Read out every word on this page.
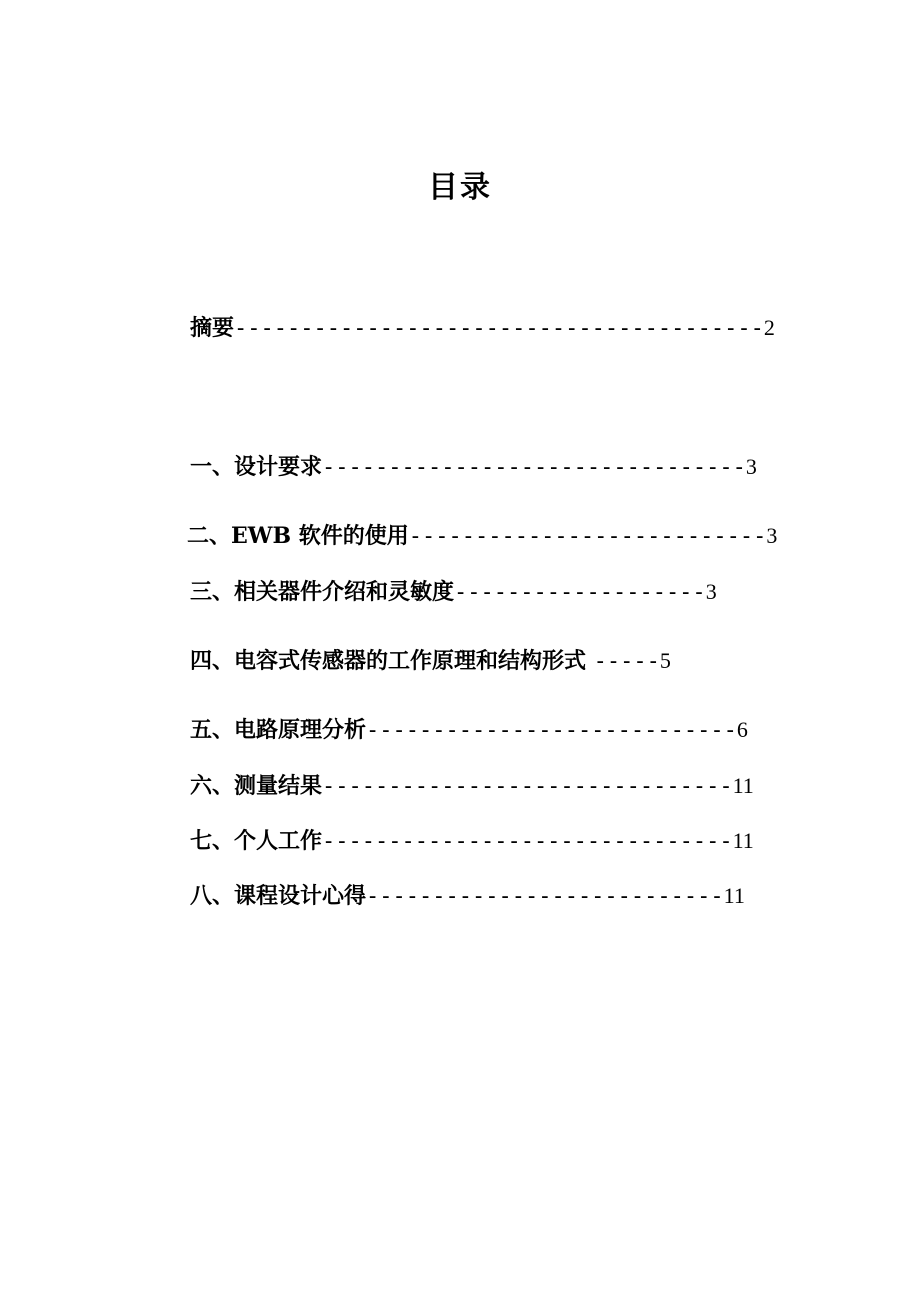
目录
摘要----------------------------------------2
一、设计要求--------------------------------3
二、EWB 软件的使用---------------------------3
三、相关器件介绍和灵敏度-------------------3
四、电容式传感器的工作原理和结构形式 -----5
五、电路原理分析----------------------------6
六、测量结果-------------------------------11
七、个人工作-------------------------------11
八、课程设计心得---------------------------11
